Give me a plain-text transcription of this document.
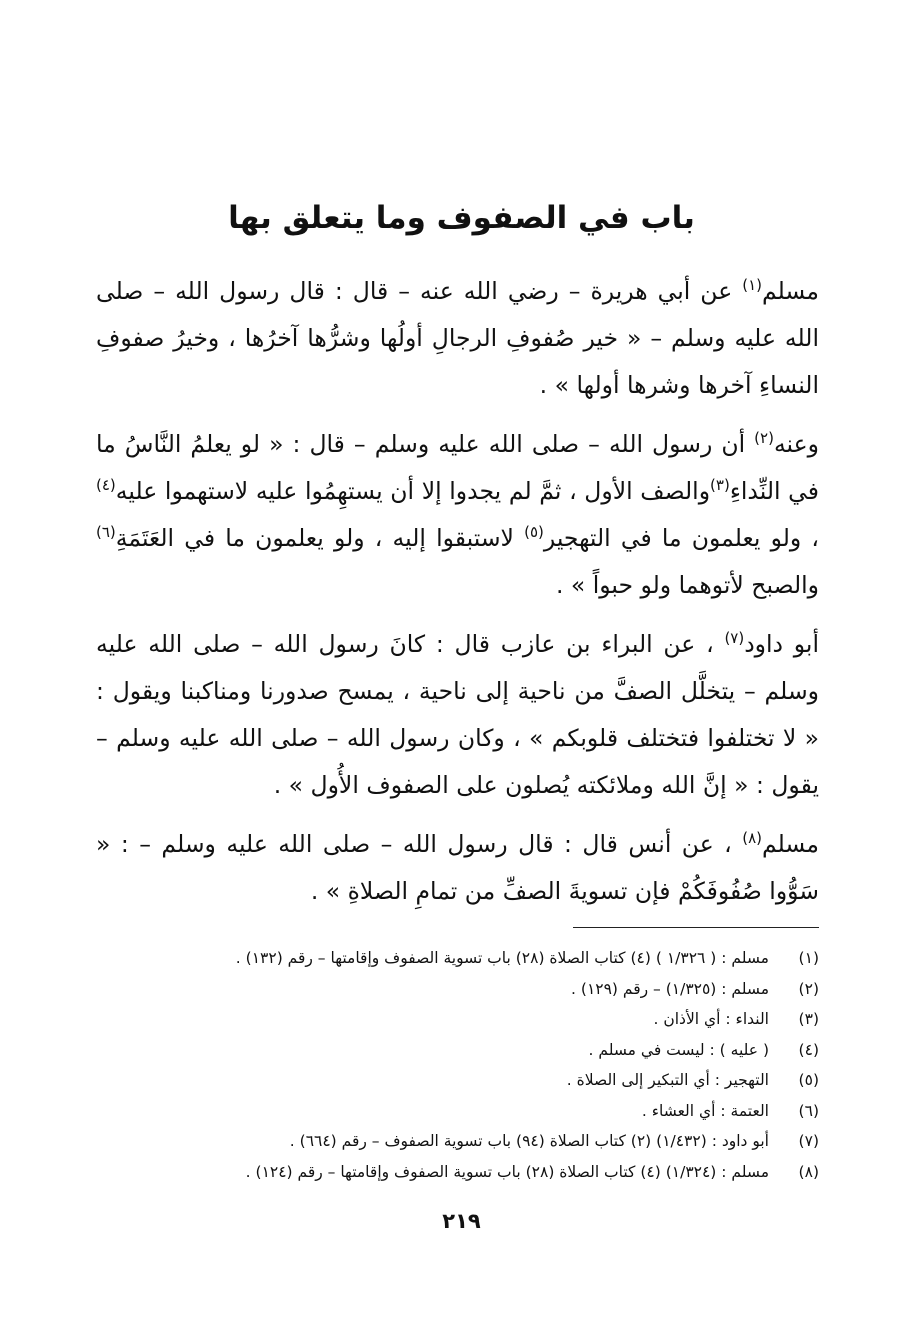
باب في الصفوف وما يتعلق بها

مسلم$^{(١)}$ عن أبي هريرة – رضي الله عنه – قال : قال رسول الله – صلى الله عليه وسلم – « خير صُفوفِ الرجالِ أولُها وشرُّها آخرُها ، وخيرُ صفوفِ النساءِ آخرها وشرها أولها » .

وعنه$^{(٢)}$ أن رسول الله – صلى الله عليه وسلم – قال : « لو يعلمُ النَّاسُ ما في النِّداءِ$^{(٣)}$والصف الأول ، ثمَّ لم يجدوا إلا أن يستهِمُوا عليه لاستهموا عليه$^{(٤)}$ ، ولو يعلمون ما في التهجير$^{(٥)}$ لاستبقوا إليه ، ولو يعلمون ما في العَتَمَةِ$^{(٦)}$ والصبح لأتوهما ولو حبواً » .

أبو داود$^{(٧)}$ ، عن البراء بن عازب قال : كانَ رسول الله – صلى الله عليه وسلم – يتخلَّل الصفَّ من ناحية إلى ناحية ، يمسح صدورنا ومناكبنا ويقول : « لا تختلفوا فتختلف قلوبكم » ، وكان رسول الله – صلى الله عليه وسلم – يقول : « إنَّ الله وملائكته يُصلون على الصفوف الأُول » .

مسلم$^{(٨)}$ ، عن أنس قال : قال رسول الله – صلى الله عليه وسلم – : « سَوُّوا صُفُوفَكُمْ فإن تسويةَ الصفِّ من تمامِ الصلاةِ » .

(١)
مسلم : ( ١/٣٢٦ ) (٤) كتاب الصلاة (٢٨) باب تسوية الصفوف وإقامتها – رقم (١٣٢) .
(٢)
مسلم : (١/٣٢٥) – رقم (١٢٩) .
(٣)
النداء : أي الأذان .
(٤)
( عليه ) : ليست في مسلم .
(٥)
التهجير : أي التبكير إلى الصلاة .
(٦)
العتمة : أي العشاء .
(٧)
أبو داود : (١/٤٣٢) (٢) كتاب الصلاة (٩٤) باب تسوية الصفوف – رقم (٦٦٤) .
(٨)
مسلم : (١/٣٢٤) (٤) كتاب الصلاة (٢٨) باب تسوية الصفوف وإقامتها – رقم (١٢٤) .
٢١٩
